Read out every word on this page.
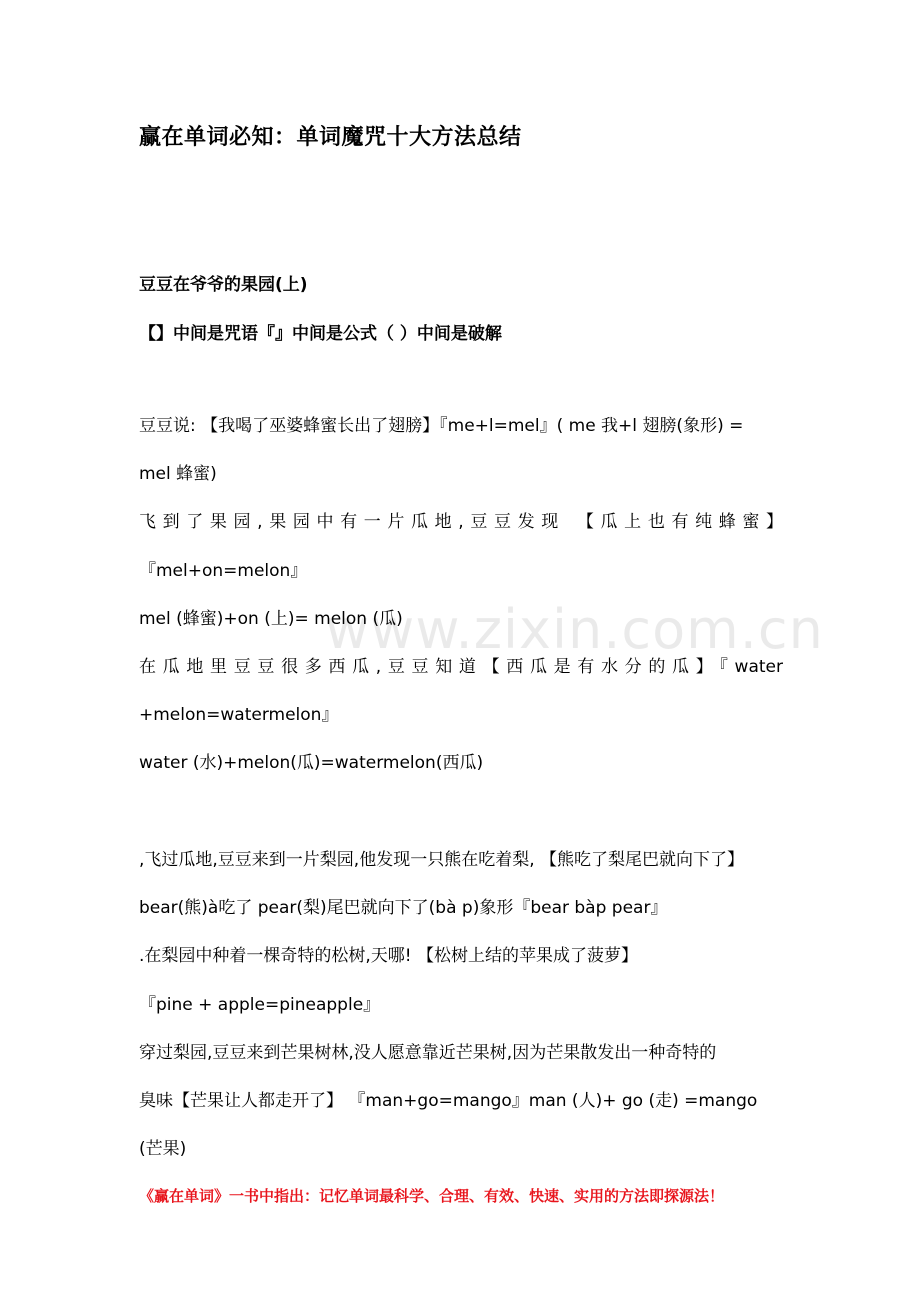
赢在单词必知：单词魔咒十大方法总结
豆豆在爷爷的果园(上)
【】中间是咒语『』中间是公式（ ）中间是破解
豆豆说: 【我喝了巫婆蜂蜜长出了翅膀】『me+l=mel』( me 我+l 翅膀(象形) =
mel 蜂蜜)
飞到了果园,果园中有一片瓜地,豆豆发现 【瓜上也有纯蜂蜜】
『mel+on=melon』
mel (蜂蜜)+on (上)= melon (瓜)
在瓜地里豆豆很多西瓜,豆豆知道【西瓜是有水分的瓜】『water
+melon=watermelon』
water (水)+melon(瓜)=watermelon(西瓜)
,飞过瓜地,豆豆来到一片梨园,他发现一只熊在吃着梨, 【熊吃了梨尾巴就向下了】
bear(熊)à吃了 pear(梨)尾巴就向下了(bà p)象形『bear bàp pear』
.在梨园中种着一棵奇特的松树,天哪! 【松树上结的苹果成了菠萝】
『pine + apple=pineapple』
穿过梨园,豆豆来到芒果树林,没人愿意靠近芒果树,因为芒果散发出一种奇特的
臭味【芒果让人都走开了】 『man+go=mango』man (人)+ go (走) =mango
(芒果)
《赢在单词》一书中指出：记忆单词最科学、合理、有效、快速、实用的方法即探源法！
www.zixin.com.cn
